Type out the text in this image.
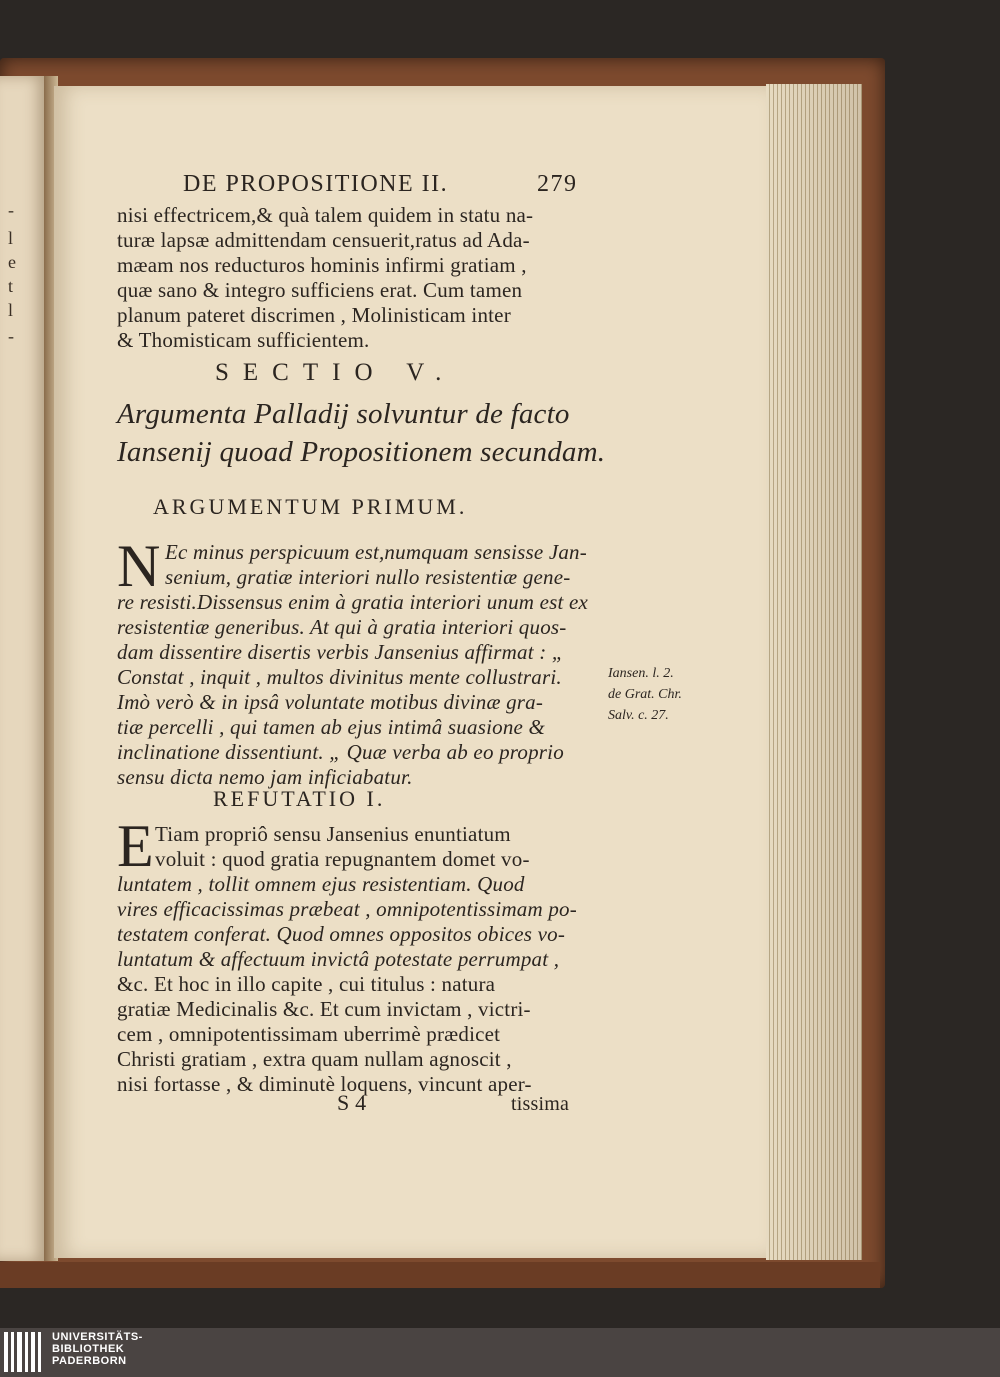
-
l
e
t
l
-
DE PROPOSITIONE II.	279
nisi effectricem,& quà talem quidem in statu na-
turæ lapsæ admittendam censuerit,ratus ad Ada-
mæam nos reducturos hominis infirmi gratiam ,
quæ sano & integro sufficiens erat. Cum tamen
planum pateret discrimen , Molinisticam inter
& Thomisticam sufficientem.
SECTIO V.
Argumenta Palladij solvuntur de facto
Iansenij quoad Propositionem secundam.
ARGUMENTUM PRIMUM.
N Ec minus perspicuum est,numquam sensisse Jan-
senium, gratiæ interiori nullo resistentiæ gene-
re resisti.Dissensus enim à gratia interiori unum est ex
resistentiæ generibus. At qui à gratia interiori quos-
dam dissentire disertis verbis Jansenius affirmat : „
Constat , inquit , multos divinitus mente collustrari.
Imò verò & in ipsâ voluntate motibus divinæ gra-
tiæ percelli , qui tamen ab ejus intimâ suasione &
inclinatione dissentiunt. „ Quæ verba ab eo proprio
sensu dicta nemo jam inficiabatur.
REFUTATIO I.
E Tiam propriô sensu Jansenius enuntiatum
voluit : quod gratia repugnantem domet vo-
luntatem , tollit omnem ejus resistentiam. Quod
vires efficacissimas præbeat , omnipotentissimam po-
testatem conferat. Quod omnes oppositos obices vo-
luntatum & affectuum invictâ potestate perrumpat ,
&c. Et hoc in illo capite , cui titulus : natura
gratiæ Medicinalis &c. Et cum invictam , victri-
cem , omnipotentissimam uberrimè prædicet
Christi gratiam , extra quam nullam agnoscit ,
nisi fortasse , & diminutè loquens, vincunt aper-
S 4	tissima
Iansen. l. 2.
de Grat. Chr.
Salv. c. 27.
UNIVERSITÄTS-
BIBLIOTHEK
PADERBORN
